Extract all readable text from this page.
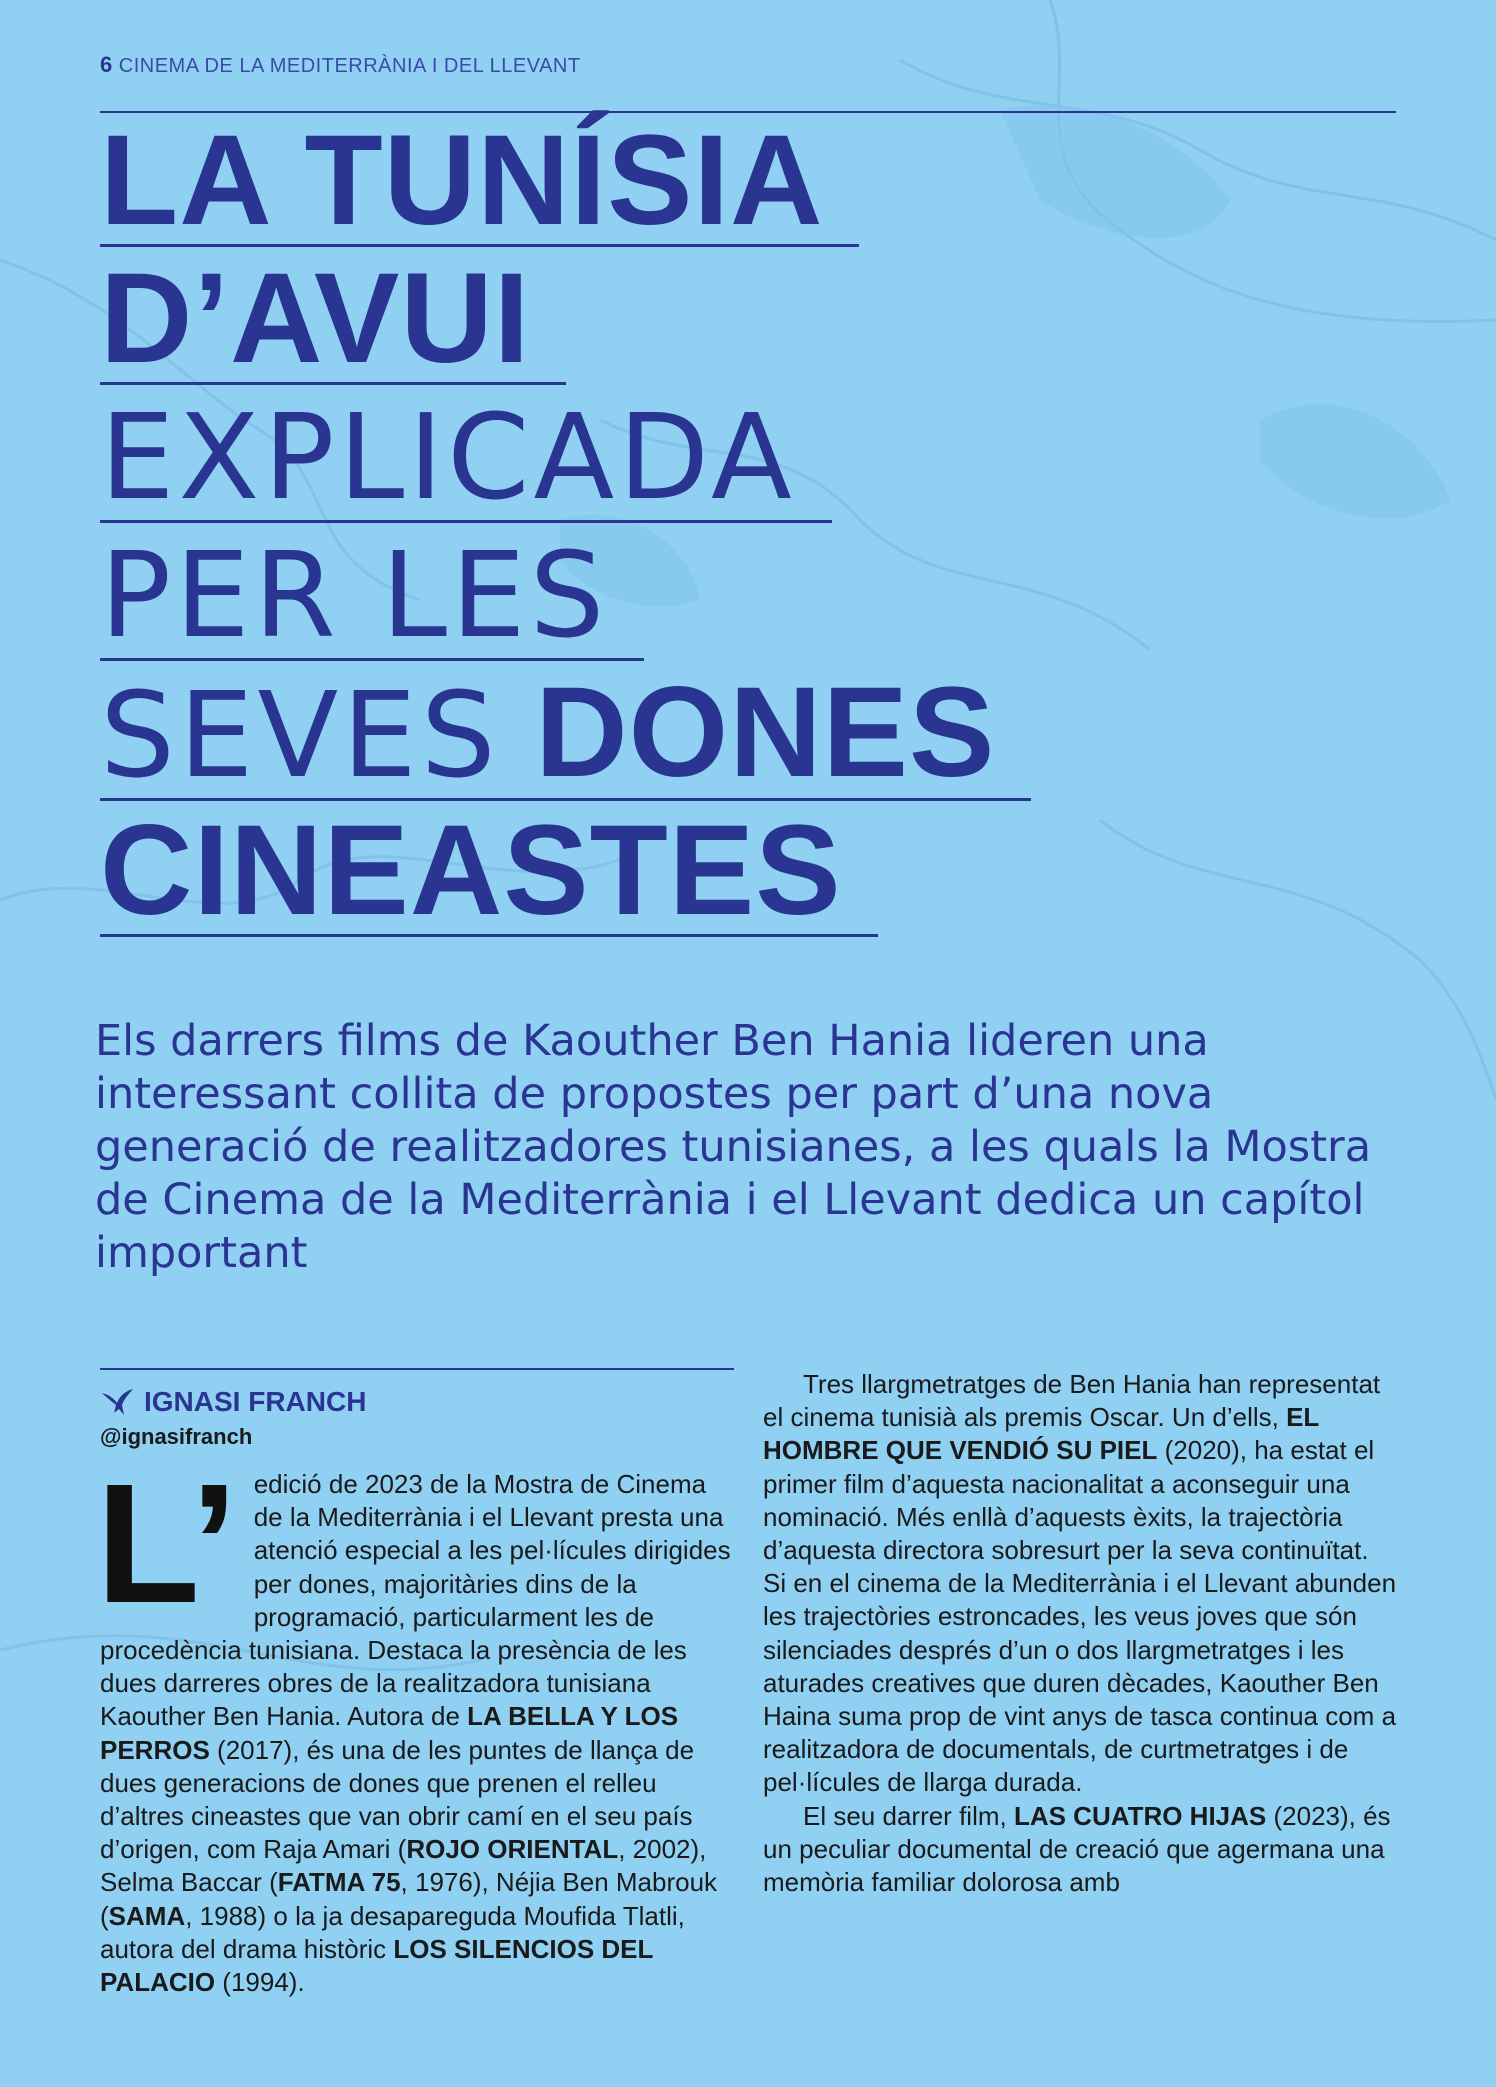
6 CINEMA DE LA MEDITERRÀNIA I DEL LLEVANT
LA TUNÍSIA
D’AVUI
EXPLICADA
PER LES
SEVES DONES
CINEASTES
Els darrers films de Kaouther Ben Hania lideren una interessant collita de propostes per part d’una nova generació de realitzadores tunisianes, a les quals la Mostra de Cinema de la Mediterrània i el Llevant dedica un capítol important
IGNASI FRANCH
@ignasifranch
L’ edició de 2023 de la Mostra de Cinema de la Mediterrània i el Llevant presta una atenció especial a les pel·lícules dirigides per dones, majoritàries dins de la programació, particularment les de procedència tunisiana. Destaca la presència de les dues darreres obres de la realitzadora tunisiana Kaouther Ben Hania. Autora de LA BELLA Y LOS PERROS (2017), és una de les puntes de llança de dues generacions de dones que prenen el relleu d’altres cineastes que van obrir camí en el seu país d’origen, com Raja Amari (ROJO ORIENTAL, 2002), Selma Baccar (FATMA 75, 1976), Néjia Ben Mabrouk (SAMA, 1988) o la ja desapareguda Moufida Tlatli, autora del drama històric LOS SILENCIOS DEL PALACIO (1994).
Tres llargmetratges de Ben Hania han representat el cinema tunisià als premis Oscar. Un d’ells, EL HOMBRE QUE VENDIÓ SU PIEL (2020), ha estat el primer film d’aquesta nacionalitat a aconseguir una nominació. Més enllà d’aquests èxits, la trajectòria d’aquesta directora sobresurt per la seva continuïtat. Si en el cinema de la Mediterrània i el Llevant abunden les trajectòries estroncades, les veus joves que són silenciades després d’un o dos llargmetratges i les aturades creatives que duren dècades, Kaouther Ben Haina suma prop de vint anys de tasca continua com a realitzadora de documentals, de curtmetratges i de pel·lícules de llarga durada.
El seu darrer film, LAS CUATRO HIJAS (2023), és un peculiar documental de creació que agermana una memòria familiar dolorosa amb
